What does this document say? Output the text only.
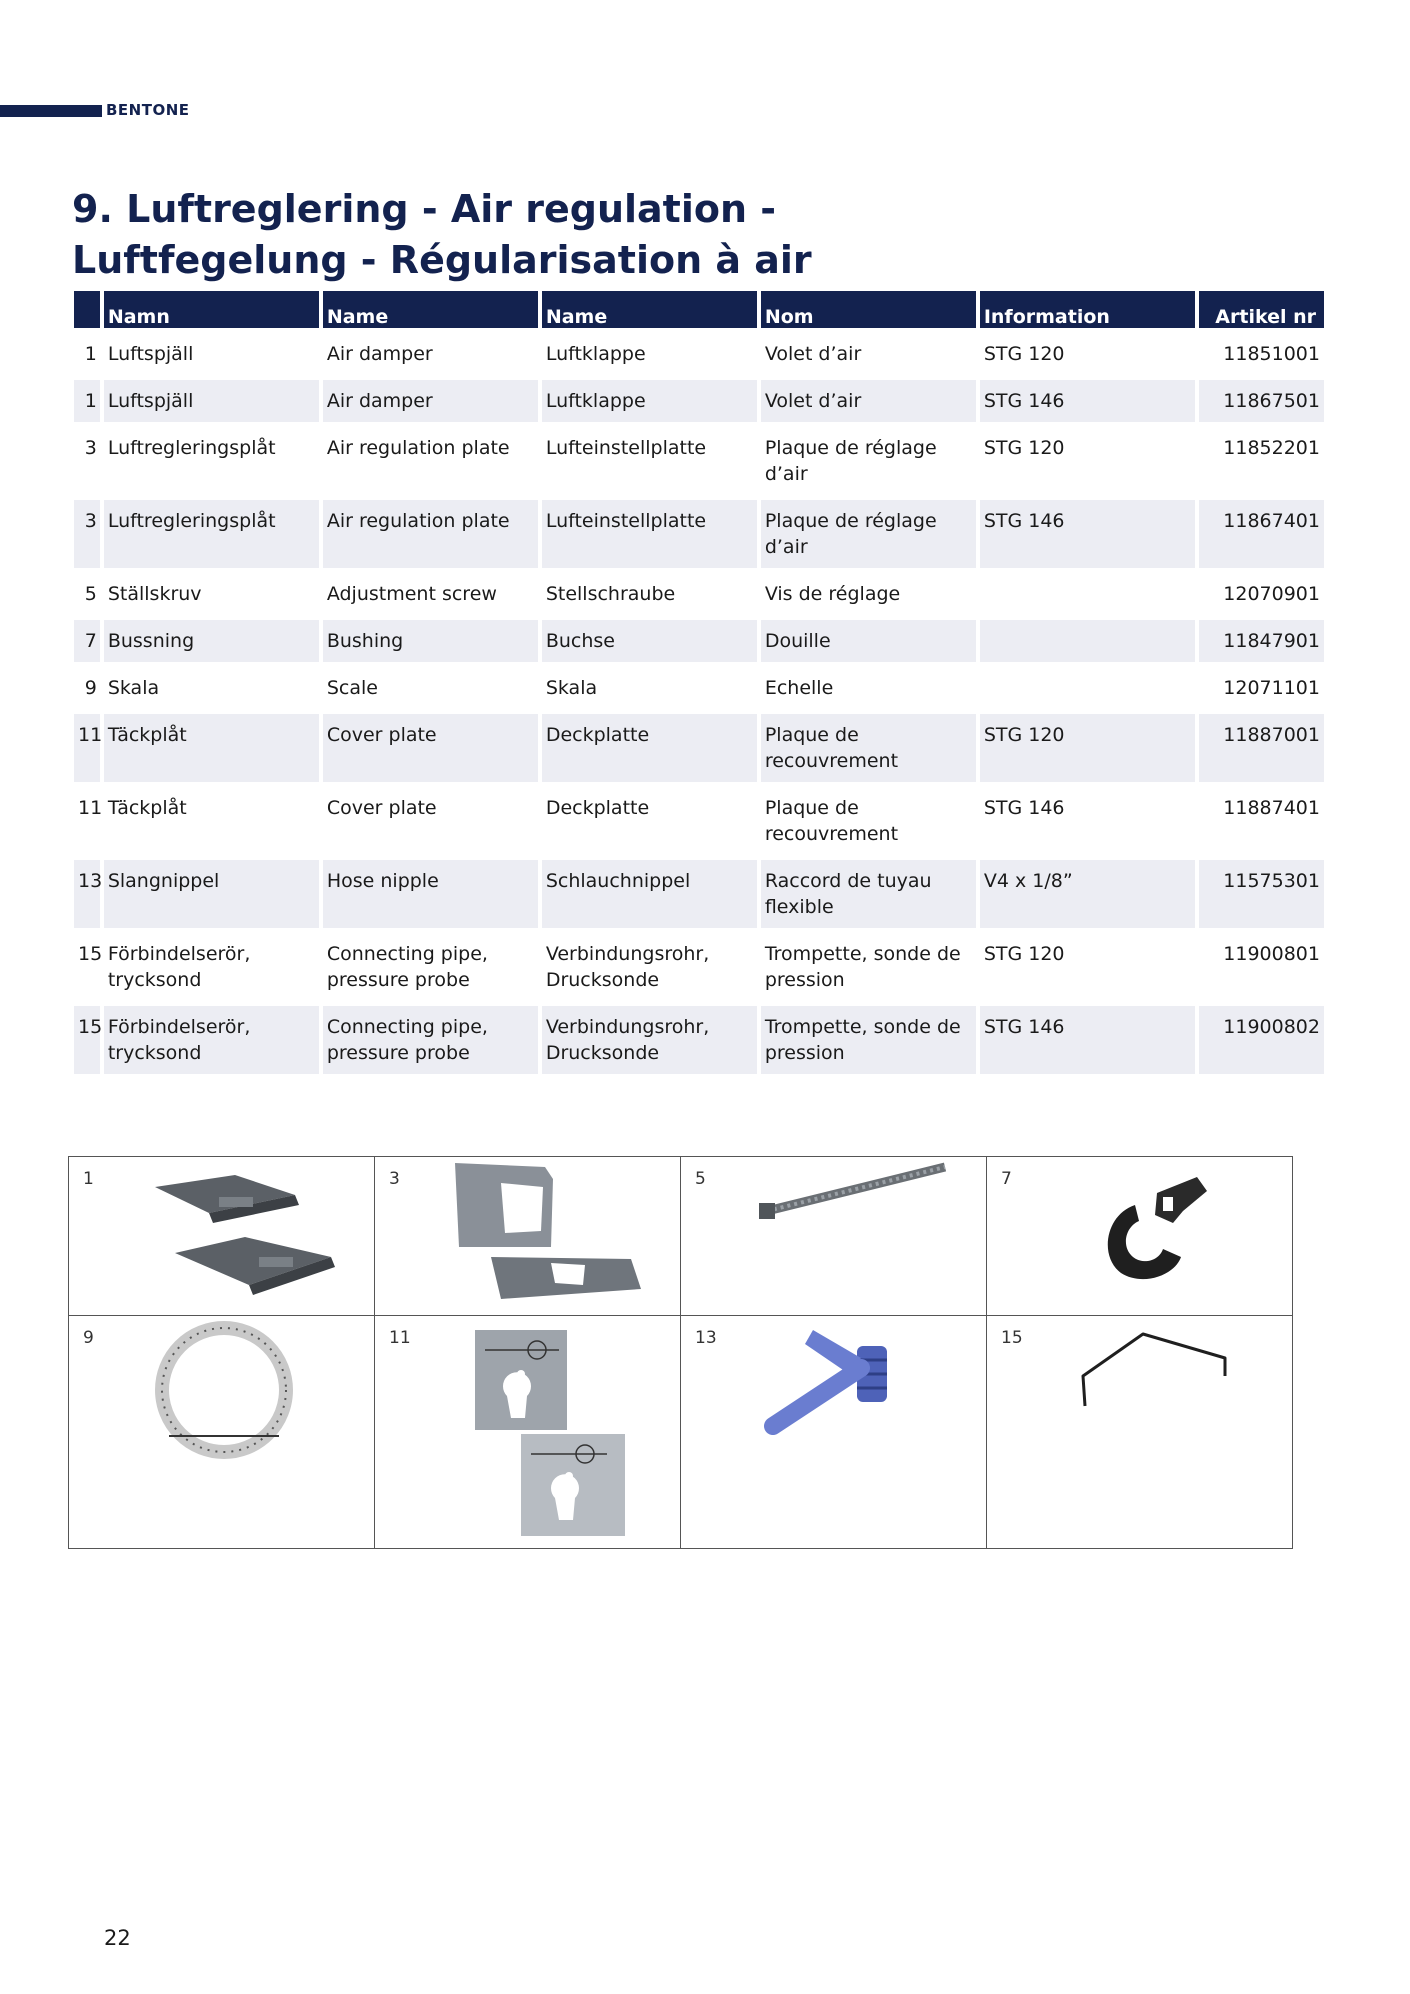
BENTONE
9. Luftreglering - Air regulation - Luftfegelung - Régularisation à air
	Namn	Name	Name	Nom	Information	Artikel nr
1	Luftspjäll	Air damper	Luftklappe	Volet d’air	STG 120	11851001
1	Luftspjäll	Air damper	Luftklappe	Volet d’air	STG 146	11867501
3	Luftregleringsplåt	Air regulation plate	Lufteinstellplatte	Plaque de réglage d’air	STG 120	11852201
3	Luftregleringsplåt	Air regulation plate	Lufteinstellplatte	Plaque de réglage d’air	STG 146	11867401
5	Ställskruv	Adjustment screw	Stellschraube	Vis de réglage		12070901
7	Bussning	Bushing	Buchse	Douille		11847901
9	Skala	Scale	Skala	Echelle		12071101
11	Täckplåt	Cover plate	Deckplatte	Plaque de recouvrement	STG 120	11887001
11	Täckplåt	Cover plate	Deckplatte	Plaque de recouvrement	STG 146	11887401
13	Slangnippel	Hose nipple	Schlauchnippel	Raccord de tuyau flexible	V4 x 1/8”	11575301
15	Förbindelserör, trycksond	Connecting pipe, pressure probe	Verbindungsrohr, Drucksonde	Trompette, sonde de pression	STG 120	11900801
15	Förbindelserör, trycksond	Connecting pipe, pressure probe	Verbindungsrohr, Drucksonde	Trompette, sonde de pression	STG 146	11900802
1	3	5	7

9	11	13	15
22
